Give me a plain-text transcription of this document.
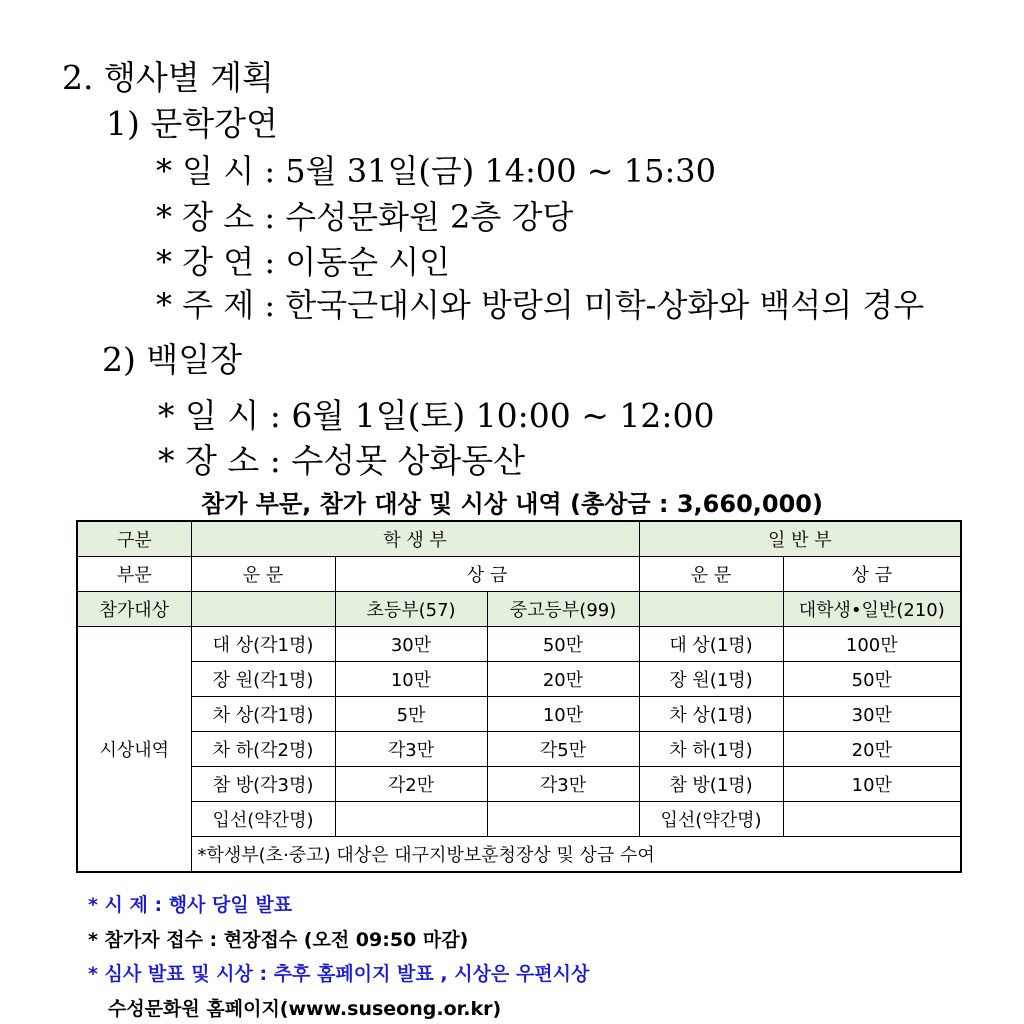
2. 행사별 계획
1) 문학강연
* 일 시 : 5월 31일(금) 14:00 ~ 15:30
* 장 소 : 수성문화원 2층 강당
* 강 연 : 이동순 시인
* 주 제 : 한국근대시와 방랑의 미학-상화와 백석의 경우
2) 백일장
* 일 시 : 6월 1일(토) 10:00 ~ 12:00
* 장 소 : 수성못 상화동산
참가 부문, 참가 대상 및 시상 내역 (총상금 : 3,660,000)
구분	학 생 부			일 반 부	
부문	운 문	상 금		운 문	상 금
참가대상		초등부(57)	중고등부(99)		대학생•일반(210)
시상내역	대 상(각1명)	30만	50만	대 상(1명)	100만
	장 원(각1명)	10만	20만	장 원(1명)	50만
	차 상(각1명)	5만	10만	차 상(1명)	30만
	차 하(각2명)	각3만	각5만	차 하(1명)	20만
	참 방(각3명)	각2만	각3만	참 방(1명)	10만
	입선(약간명)			입선(약간명)	
	*학생부(초·중고) 대상은 대구지방보훈청장상 및 상금 수여				
* 시 제 : 행사 당일 발표
* 참가자 접수 : 현장접수 (오전 09:50 마감)
* 심사 발표 및 시상 : 추후 홈페이지 발표 , 시상은 우편시상
수성문화원 홈페이지(www.suseong.or.kr)
